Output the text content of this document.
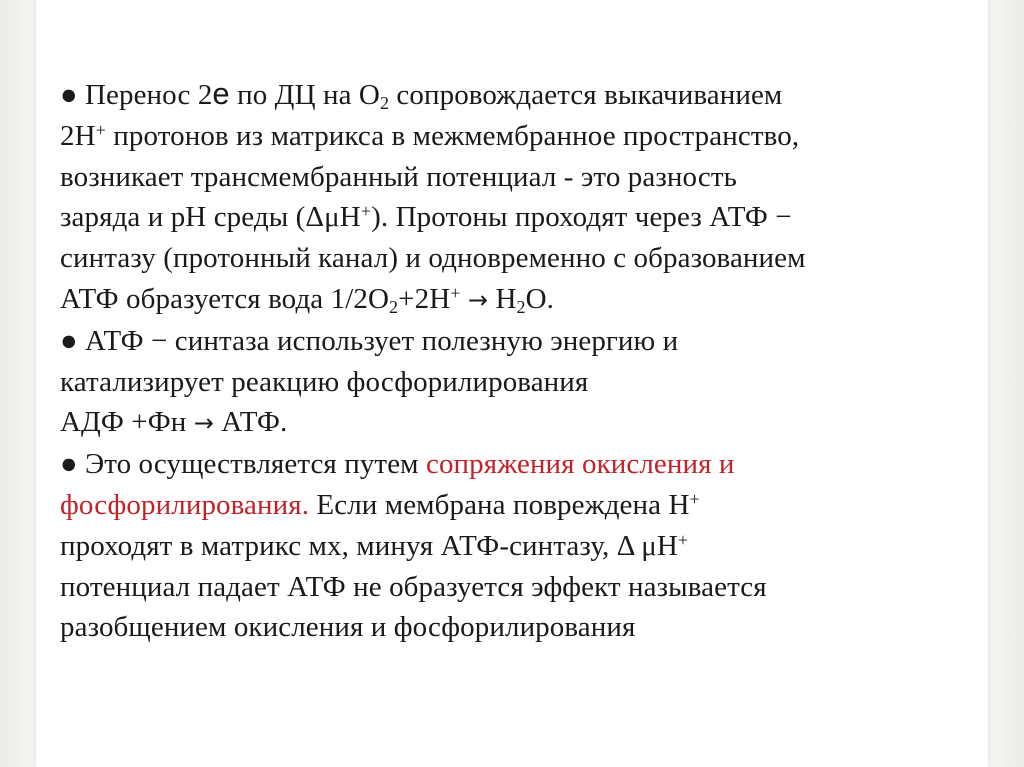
● Перенос 2е по ДЦ на $О_2$ сопровождается выкачиванием
2Н+ протонов из матрикса в межмембранное пространство,
возникает трансмембранный потенциал - это разность
заряда и рН среды (ΔμН+). Протоны проходят через АТФ −
синтазу (протонный канал) и одновременно с образованием
АТФ образуется вода $1/2О_2+2Н^+ \to Н_2О$.
● АТФ − синтаза использует полезную энергию и
катализирует реакцию фосфорилирования
АДФ +Фн → АТФ.
● Это осуществляется путем сопряжения окисления и
фосфорилирования. Если мембрана повреждена Н+
проходят в матрикс мх, минуя АТФ-синтазу, Δ μН+
потенциал падает АТФ не образуется эффект называется
разобщением окисления и фосфорилирования
